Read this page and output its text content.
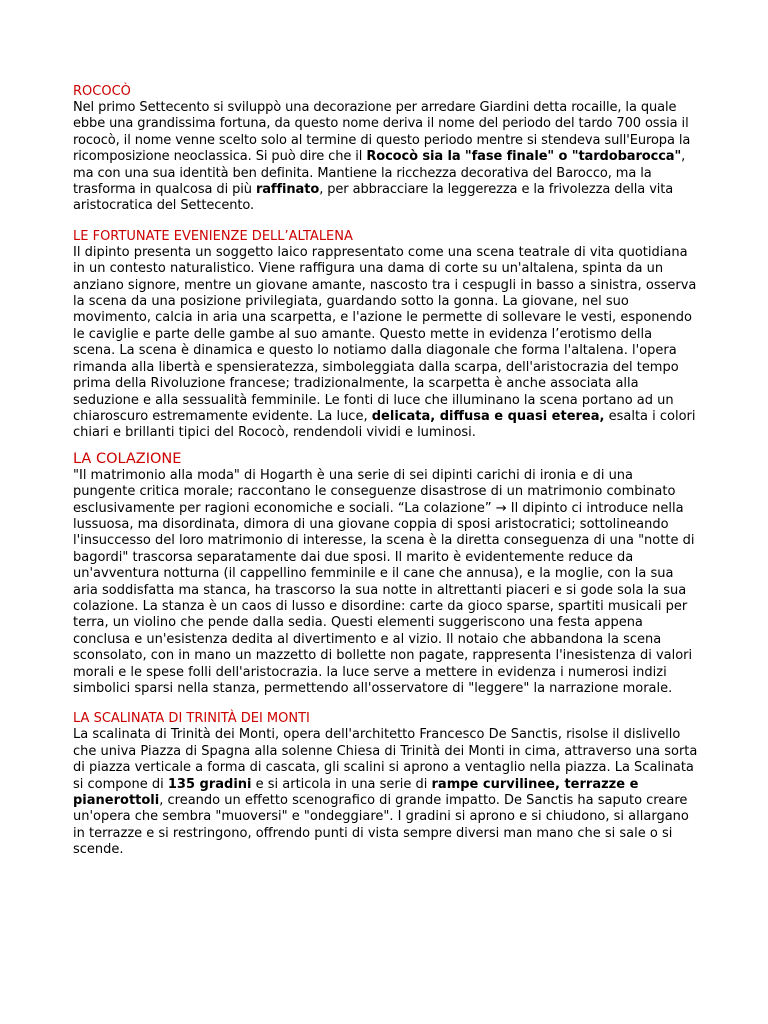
ROCOCÒ

Nel primo Settecento si sviluppò una decorazione per arredare Giardini detta rocaille, la quale ebbe una grandissima fortuna, da questo nome deriva il nome del periodo del tardo 700 ossia il rococò, il nome venne scelto solo al termine di questo periodo mentre si stendeva sull'Europa la ricomposizione neoclassica. Si può dire che il Rococò sia la "fase finale" o "tardobarocca", ma con una sua identità ben definita. Mantiene la ricchezza decorativa del Barocco, ma la trasforma in qualcosa di più raffinato, per abbracciare la leggerezza e la frivolezza della vita aristocratica del Settecento.

LE FORTUNATE EVENIENZE DELL’ALTALENA

Il dipinto presenta un soggetto laico rappresentato come una scena teatrale di vita quotidiana in un contesto naturalistico. Viene raffigura una dama di corte su un'altalena, spinta da un anziano signore, mentre un giovane amante, nascosto tra i cespugli in basso a sinistra, osserva la scena da una posizione privilegiata, guardando sotto la gonna. La giovane, nel suo movimento, calcia in aria una scarpetta, e l'azione le permette di sollevare le vesti, esponendo le caviglie e parte delle gambe al suo amante. Questo mette in evidenza l’erotismo della scena. La scena è dinamica e questo lo notiamo dalla diagonale che forma l'altalena. l'opera rimanda alla libertà e spensieratezza, simboleggiata dalla scarpa, dell'aristocrazia del tempo prima della Rivoluzione francese; tradizionalmente, la scarpetta è anche associata alla seduzione e alla sessualità femminile. Le fonti di luce che illuminano la scena portano ad un chiaroscuro estremamente evidente. La luce, delicata, diffusa e quasi eterea, esalta i colori chiari e brillanti tipici del Rococò, rendendoli vividi e luminosi.

LA COLAZIONE

"Il matrimonio alla moda" di Hogarth è una serie di sei dipinti carichi di ironia e di una pungente critica morale; raccontano le conseguenze disastrose di un matrimonio combinato esclusivamente per ragioni economiche e sociali. “La colazione” → Il dipinto ci introduce nella lussuosa, ma disordinata, dimora di una giovane coppia di sposi aristocratici; sottolineando l'insuccesso del loro matrimonio di interesse, la scena è la diretta conseguenza di una "notte di bagordi" trascorsa separatamente dai due sposi. Il marito è evidentemente reduce da un'avventura notturna (il cappellino femminile e il cane che annusa), e la moglie, con la sua aria soddisfatta ma stanca, ha trascorso la sua notte in altrettanti piaceri e si gode sola la sua colazione. La stanza è un caos di lusso e disordine: carte da gioco sparse, spartiti musicali per terra, un violino che pende dalla sedia. Questi elementi suggeriscono una festa appena conclusa e un'esistenza dedita al divertimento e al vizio. Il notaio che abbandona la scena sconsolato, con in mano un mazzetto di bollette non pagate, rappresenta l'inesistenza di valori morali e le spese folli dell'aristocrazia. la luce serve a mettere in evidenza i numerosi indizi simbolici sparsi nella stanza, permettendo all'osservatore di "leggere" la narrazione morale.

LA SCALINATA DI TRINITÀ DEI MONTI

La scalinata di Trinità dei Monti, opera dell'architetto Francesco De Sanctis, risolse il dislivello che univa Piazza di Spagna alla solenne Chiesa di Trinità dei Monti in cima, attraverso una sorta di piazza verticale a forma di cascata, gli scalini si aprono a ventaglio nella piazza. La Scalinata si compone di 135 gradini e si articola in una serie di rampe curvilinee, terrazze e pianerottoli, creando un effetto scenografico di grande impatto. De Sanctis ha saputo creare un'opera che sembra "muoversi" e "ondeggiare". I gradini si aprono e si chiudono, si allargano in terrazze e si restringono, offrendo punti di vista sempre diversi man mano che si sale o si scende.
